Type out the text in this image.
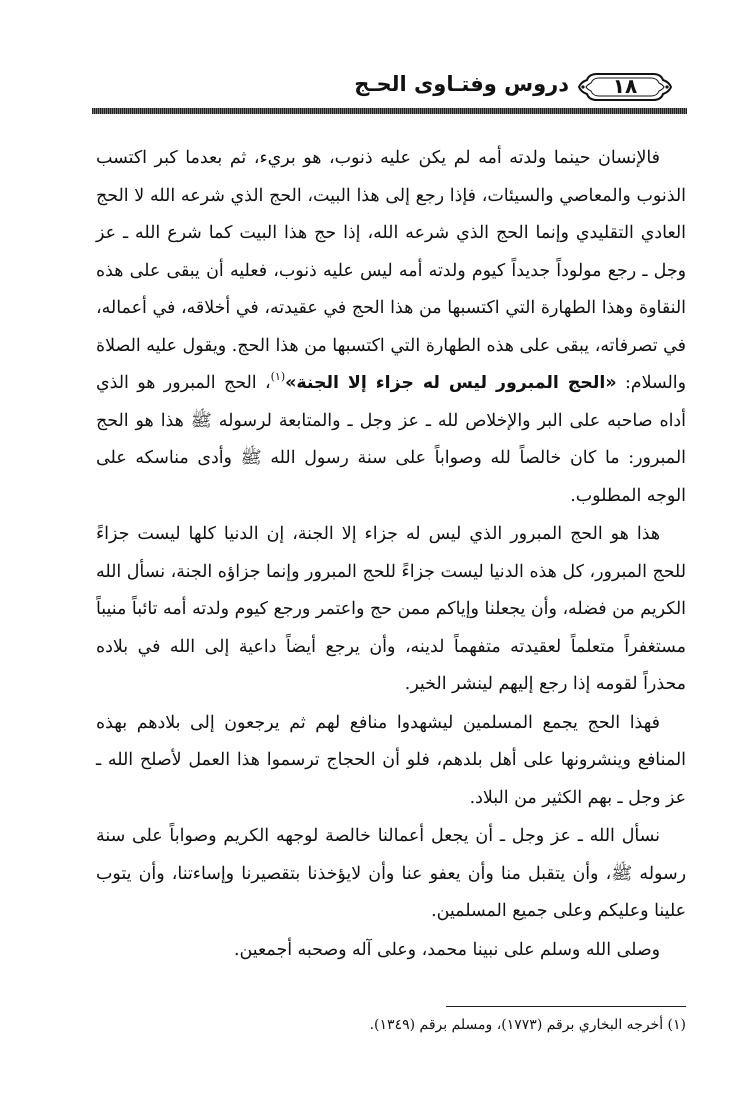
١٨
دروس وفتـاوى الحـج

فالإنسان حينما ولدته أمه لم يكن عليه ذنوب، هو بريء، ثم بعدما كبر اكتسب الذنوب والمعاصي والسيئات، فإذا رجع إلى هذا البيت، الحج الذي شرعه الله لا الحج العادي التقليدي وإنما الحج الذي شرعه الله، إذا حج هذا البيت كما شرع الله ـ عز وجل ـ رجع مولوداً جديداً كيوم ولدته أمه ليس عليه ذنوب، فعليه أن يبقى على هذه النقاوة وهذا الطهارة التي اكتسبها من هذا الحج في عقيدته، في أخلاقه، في أعماله، في تصرفاته، يبقى على هذه الطهارة التي اكتسبها من هذا الحج. ويقول عليه الصلاة والسلام: «الحج المبرور ليس له جزاء إلا الجنة»$^{(١)}$، الحج المبرور هو الذي أداه صاحبه على البر والإخلاص لله ـ عز وجل ـ والمتابعة لرسوله ﷺ هذا هو الحج المبرور: ما كان خالصاً لله وصواباً على سنة رسول الله ﷺ وأدى مناسكه على الوجه المطلوب.

هذا هو الحج المبرور الذي ليس له جزاء إلا الجنة، إن الدنيا كلها ليست جزاءً للحج المبرور، كل هذه الدنيا ليست جزاءً للحج المبرور وإنما جزاؤه الجنة، نسأل الله الكريم من فضله، وأن يجعلنا وإياكم ممن حج واعتمر ورجع كيوم ولدته أمه تائباً منيباً مستغفراً متعلماً لعقيدته متفهماً لدينه، وأن يرجع أيضاً داعية إلى الله في بلاده محذراً لقومه إذا رجع إليهم لينشر الخير.

فهذا الحج يجمع المسلمين ليشهدوا منافع لهم ثم يرجعون إلى بلادهم بهذه المنافع وينشرونها على أهل بلدهم، فلو أن الحجاج ترسموا هذا العمل لأصلح الله ـ عز وجل ـ بهم الكثير من البلاد.

نسأل الله ـ عز وجل ـ أن يجعل أعمالنا خالصة لوجهه الكريم وصواباً على سنة رسوله ﷺ، وأن يتقبل منا وأن يعفو عنا وأن لايؤخذنا بتقصيرنا وإساءتنا، وأن يتوب علينا وعليكم وعلى جميع المسلمين.

وصلى الله وسلم على نبينا محمد، وعلى آله وصحبه أجمعين.

(١) أخرجه البخاري برقم (١٧٧٣)، ومسلم برقم (١٣٤٩).
